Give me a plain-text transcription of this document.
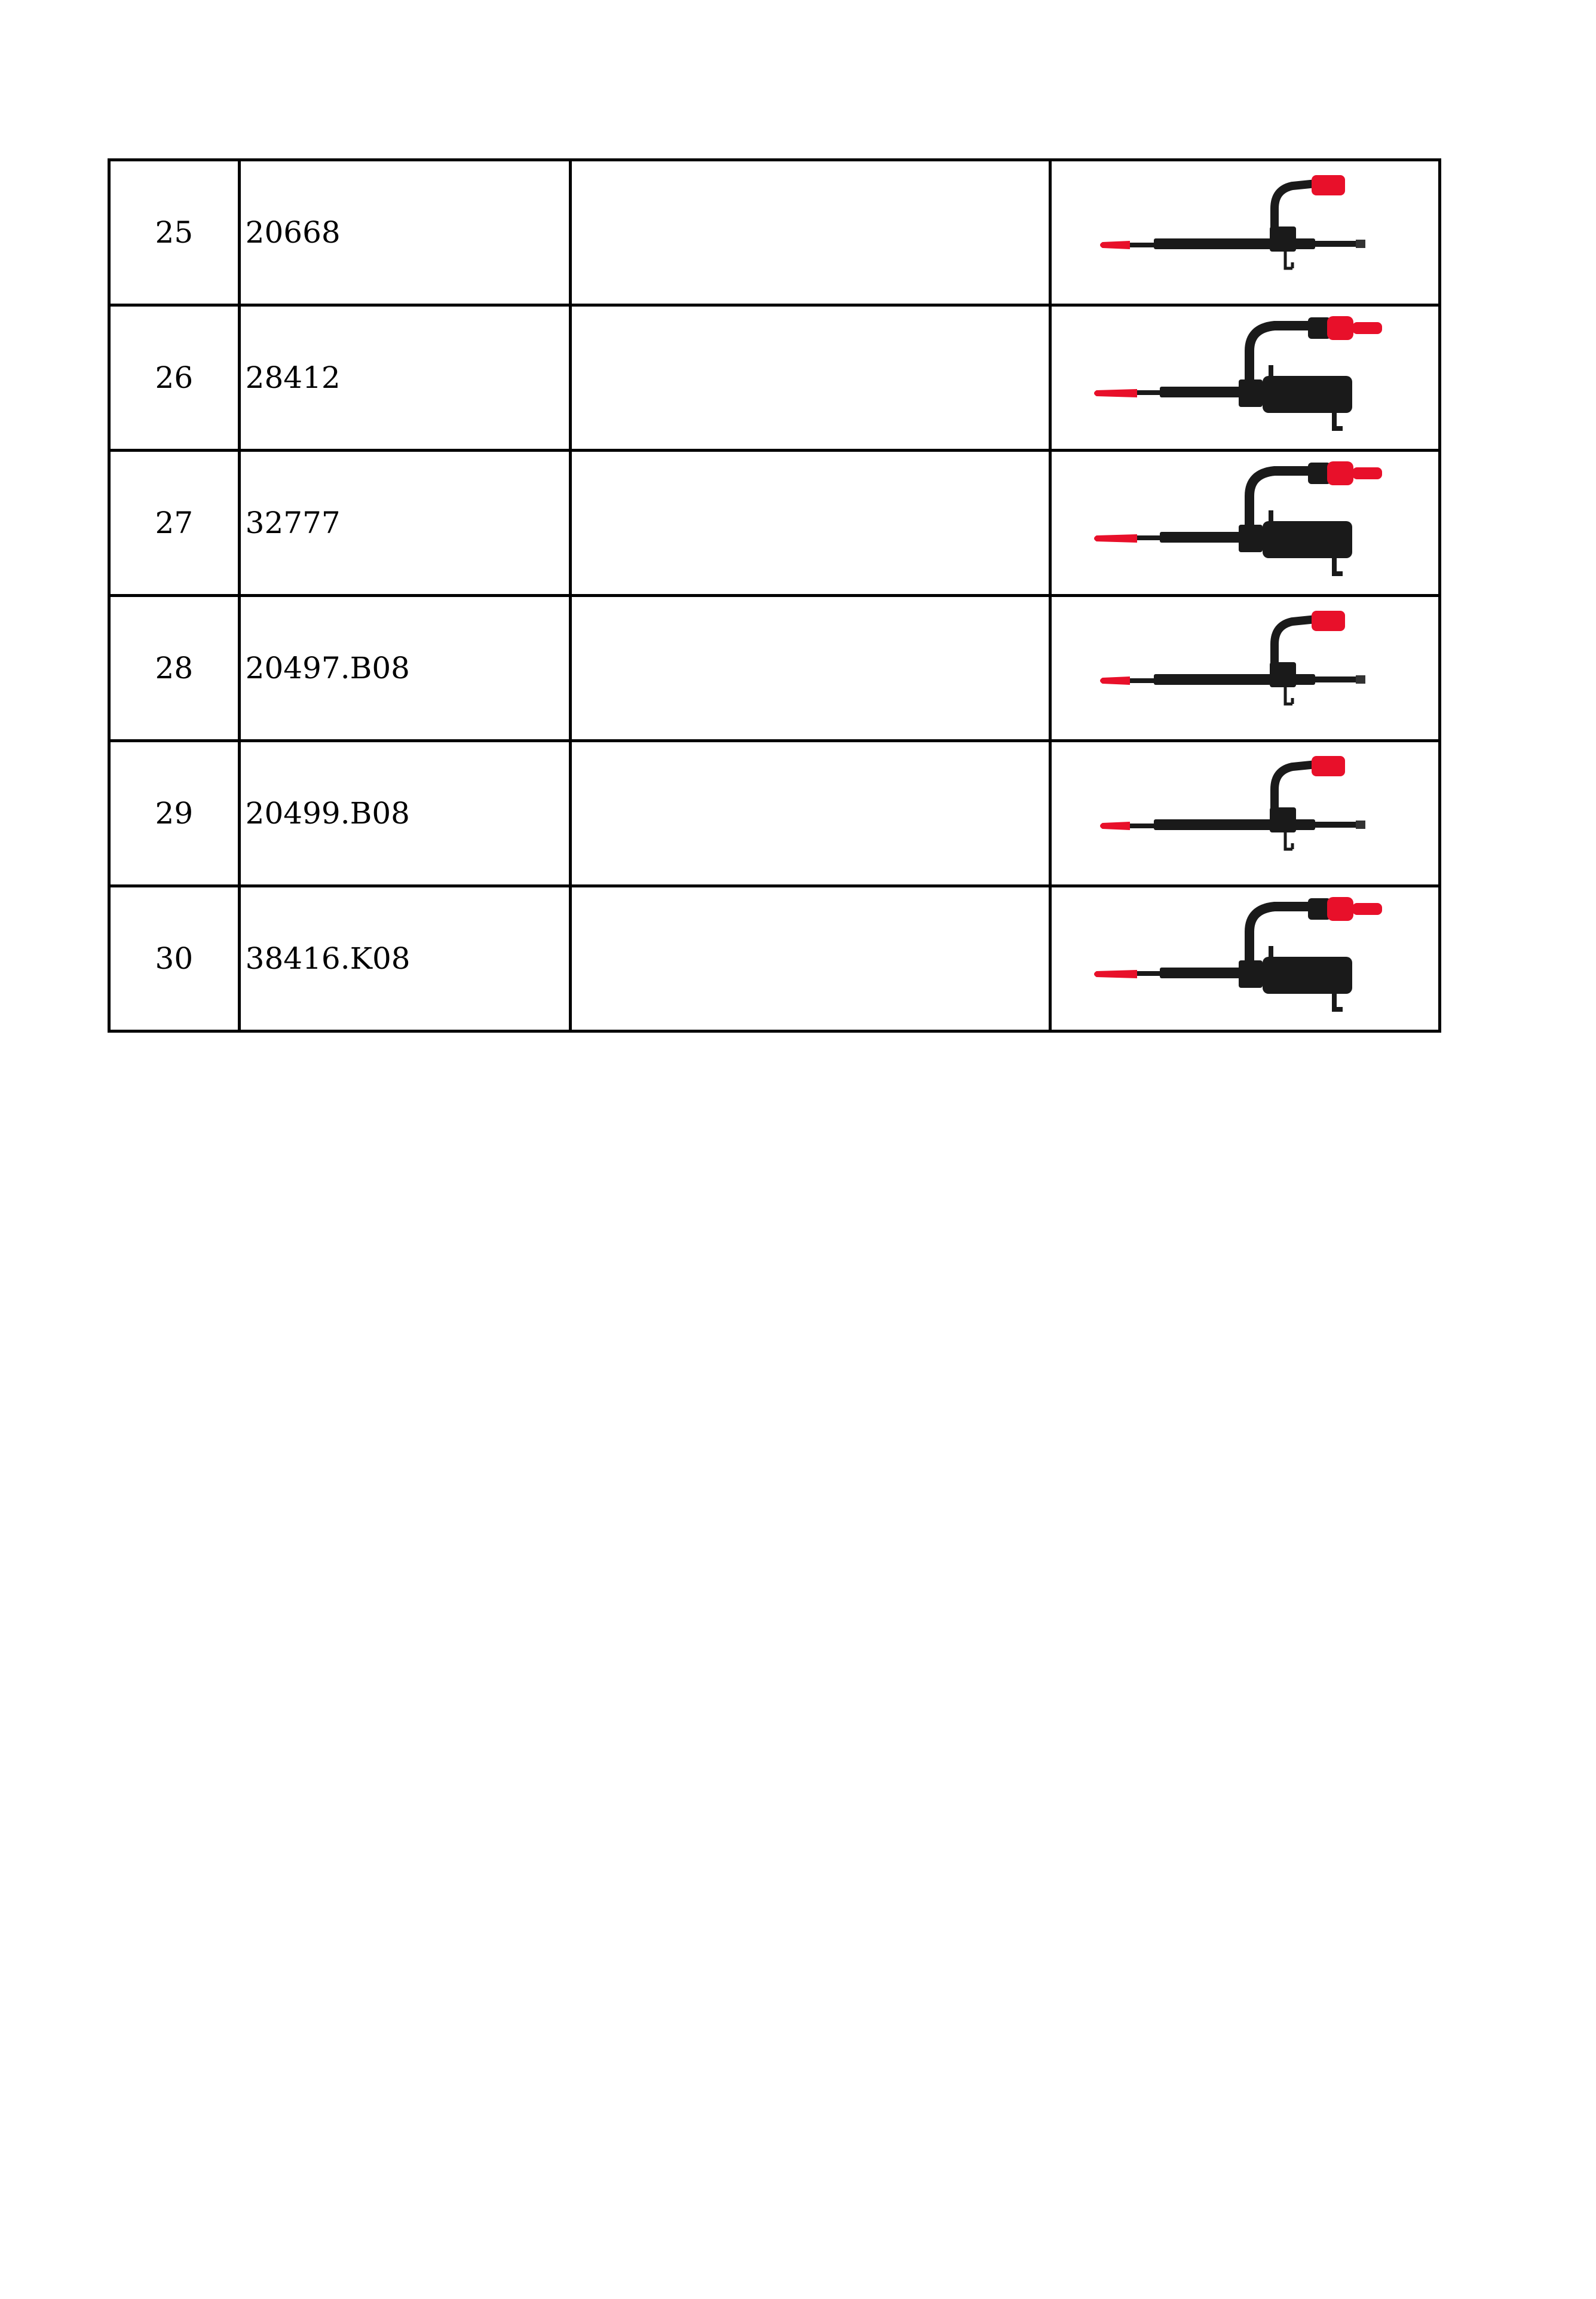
25	20668		

26	28412		

27	32777		

28	20497.B08		

29	20499.B08		

30	38416.K08		
